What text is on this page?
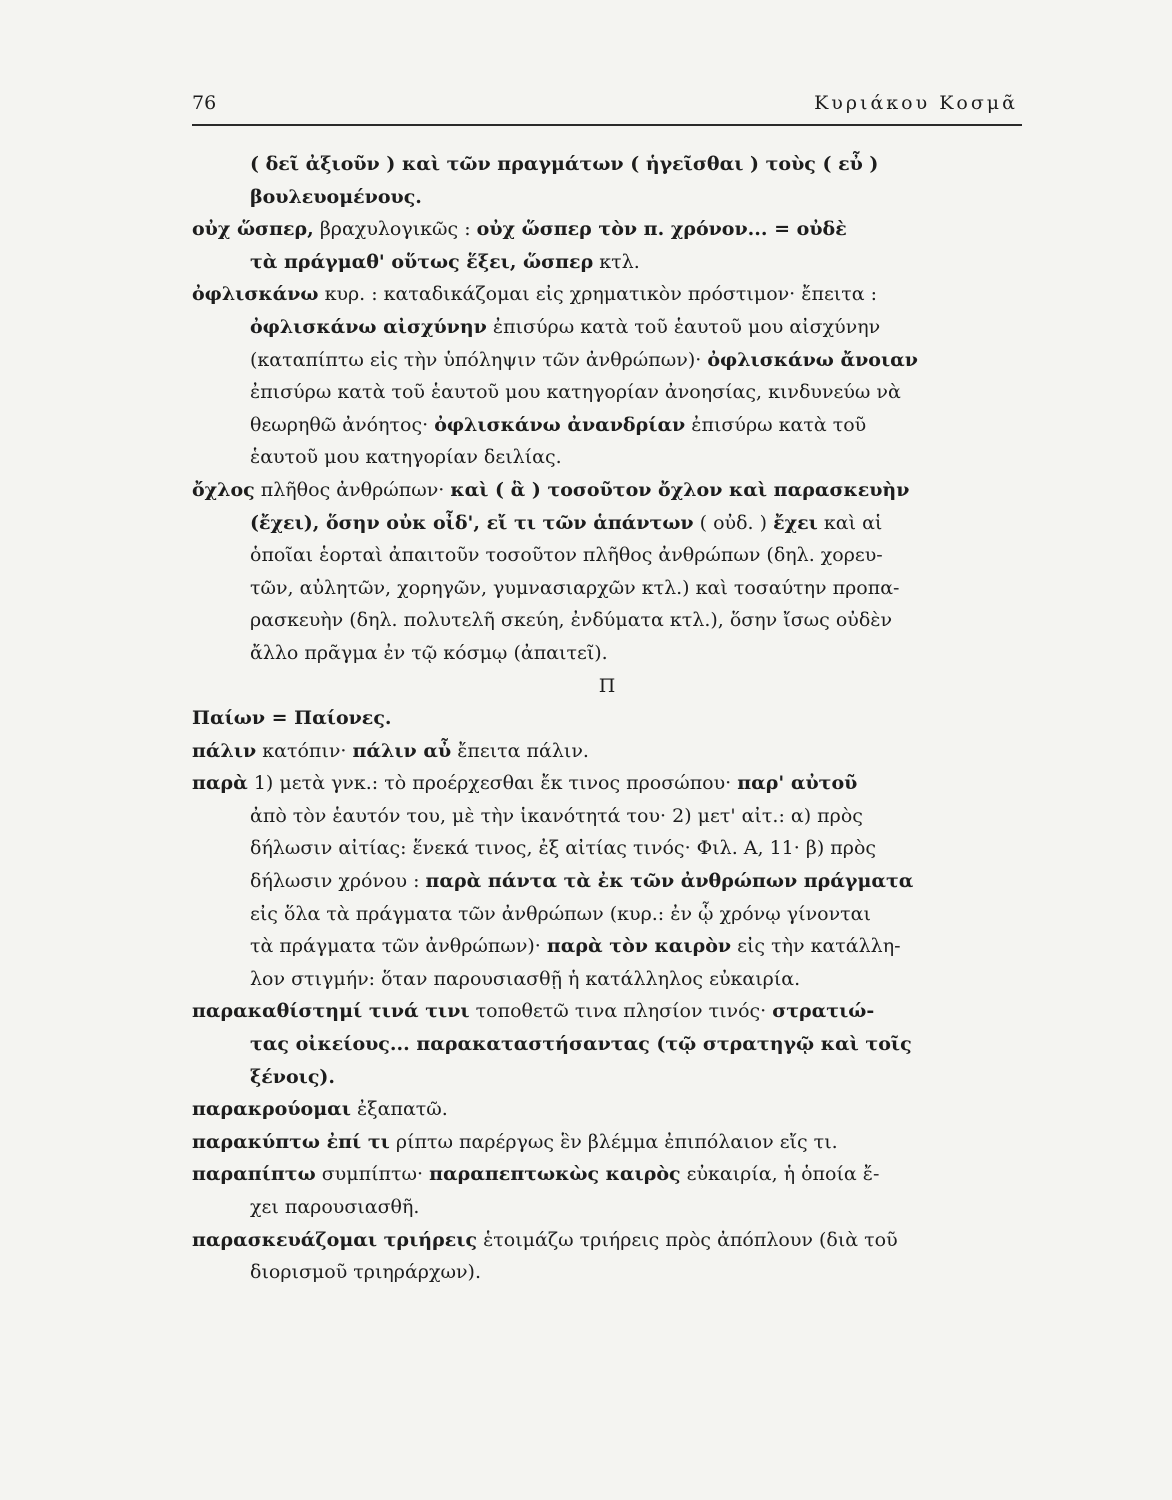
76	Κυριάκου Κοσμᾶ
( δεῖ ἀξιοῦν ) καὶ τῶν πραγμάτων ( ἡγεῖσθαι ) τοὺς ( εὖ )
βουλευομένους.
οὐχ ὥσπερ, βραχυλογικῶς : οὐχ ὥσπερ τὸν π. χρόνον... = οὐδὲ
τὰ πράγμαθ' οὕτως ἕξει, ὥσπερ κτλ.
ὀφλισκάνω κυρ. : καταδικάζομαι εἰς χρηματικὸν πρόστιμον· ἔπειτα :
ὀφλισκάνω αἰσχύνην ἐπισύρω κατὰ τοῦ ἑαυτοῦ μου αἰσχύνην
(καταπίπτω εἰς τὴν ὑπόληψιν τῶν ἀνθρώπων)· ὀφλισκάνω ἄνοιαν
ἐπισύρω κατὰ τοῦ ἑαυτοῦ μου κατηγορίαν ἀνοησίας, κινδυνεύω νὰ
θεωρηθῶ ἀνόητος· ὀφλισκάνω ἀνανδρίαν ἐπισύρω κατὰ τοῦ
ἑαυτοῦ μου κατηγορίαν δειλίας.
ὄχλος πλῆθος ἀνθρώπων· καὶ ( ἃ ) τοσοῦτον ὄχλον καὶ παρασκευὴν
(ἔχει), ὅσην οὐκ οἶδ', εἴ τι τῶν ἁπάντων ( οὐδ. ) ἔχει καὶ αἱ
ὁποῖαι ἑορταὶ ἀπαιτοῦν τοσοῦτον πλῆθος ἀνθρώπων (δηλ. χορευ-
τῶν, αὐλητῶν, χορηγῶν, γυμνασιαρχῶν κτλ.) καὶ τοσαύτην προπα-
ρασκευὴν (δηλ. πολυτελῆ σκεύη, ἐνδύματα κτλ.), ὅσην ἴσως οὐδὲν
ἄλλο πρᾶγμα ἐν τῷ κόσμῳ (ἀπαιτεῖ).
Π
Παίων = Παίονες.
πάλιν κατόπιν· πάλιν αὖ ἔπειτα πάλιν.
παρὰ 1) μετὰ γνκ.: τὸ προέρχεσθαι ἔκ τινος προσώπου· παρ' αὐτοῦ
ἀπὸ τὸν ἑαυτόν του, μὲ τὴν ἱκανότητά του· 2) μετ' αἰτ.: α) πρὸς
δήλωσιν αἰτίας: ἕνεκά τινος, ἐξ αἰτίας τινός· Φιλ. Α, 11· β) πρὸς
δήλωσιν χρόνου : παρὰ πάντα τὰ ἐκ τῶν ἀνθρώπων πράγματα
εἰς ὅλα τὰ πράγματα τῶν ἀνθρώπων (κυρ.: ἐν ᾧ χρόνῳ γίνονται
τὰ πράγματα τῶν ἀνθρώπων)· παρὰ τὸν καιρὸν εἰς τὴν κατάλλη-
λον στιγμήν: ὅταν παρουσιασθῇ ἡ κατάλληλος εὐκαιρία.
παρακαθίστημί τινά τινι τοποθετῶ τινα πλησίον τινός· στρατιώ-
τας οἰκείους... παρακαταστήσαντας (τῷ στρατηγῷ καὶ τοῖς
ξένοις).
παρακρούομαι ἐξαπατῶ.
παρακύπτω ἐπί τι ρίπτω παρέργως ἓν βλέμμα ἐπιπόλαιον εἴς τι.
παραπίπτω συμπίπτω· παραπεπτωκὼς καιρὸς εὐκαιρία, ἡ ὁποία ἔ-
χει παρουσιασθῆ.
παρασκευάζομαι τριήρεις ἑτοιμάζω τριήρεις πρὸς ἀπόπλουν (διὰ τοῦ
διορισμοῦ τριηράρχων).
